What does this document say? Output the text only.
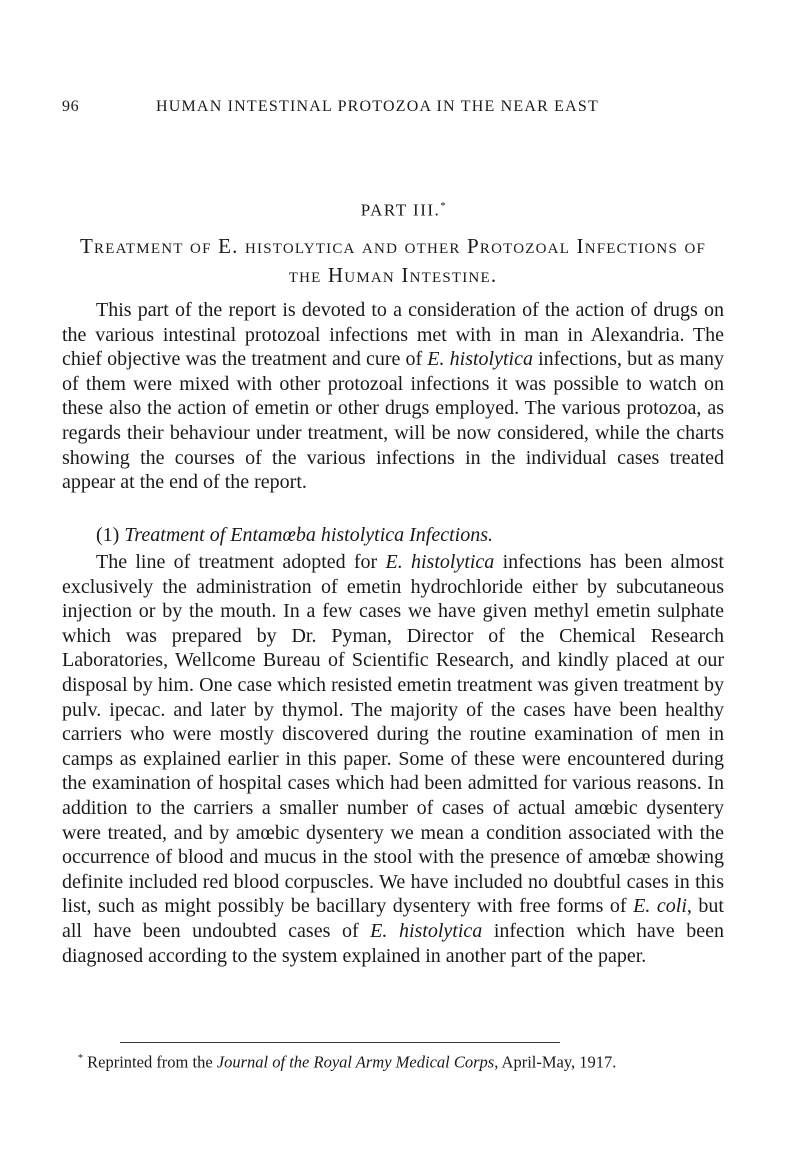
96	HUMAN INTESTINAL PROTOZOA IN THE NEAR EAST
PART III.*
Treatment of E. histolytica and other Protozoal Infections of the Human Intestine.

This part of the report is devoted to a consideration of the action of drugs on the various intestinal protozoal infections met with in man in Alexandria. The chief objective was the treatment and cure of E. histolytica infections, but as many of them were mixed with other protozoal infections it was possible to watch on these also the action of emetin or other drugs employed. The various protozoa, as regards their behaviour under treatment, will be now considered, while the charts showing the courses of the various infections in the individual cases treated appear at the end of the report.

(1) Treatment of Entamœba histolytica Infections.

The line of treatment adopted for E. histolytica infections has been almost exclusively the administration of emetin hydrochloride either by subcutaneous injection or by the mouth. In a few cases we have given methyl emetin sulphate which was prepared by Dr. Pyman, Director of the Chemical Research Laboratories, Wellcome Bureau of Scientific Research, and kindly placed at our disposal by him. One case which resisted emetin treatment was given treatment by pulv. ipecac. and later by thymol. The majority of the cases have been healthy carriers who were mostly discovered during the routine examination of men in camps as explained earlier in this paper. Some of these were encountered during the examination of hospital cases which had been admitted for various reasons. In addition to the carriers a smaller number of cases of actual amœbic dysentery were treated, and by amœbic dysentery we mean a condition associated with the occurrence of blood and mucus in the stool with the presence of amœbæ showing definite included red blood corpuscles. We have included no doubtful cases in this list, such as might possibly be bacillary dysentery with free forms of E. coli, but all have been undoubted cases of E. histolytica infection which have been diagnosed according to the system explained in another part of the paper.

* Reprinted from the Journal of the Royal Army Medical Corps, April-May, 1917.
